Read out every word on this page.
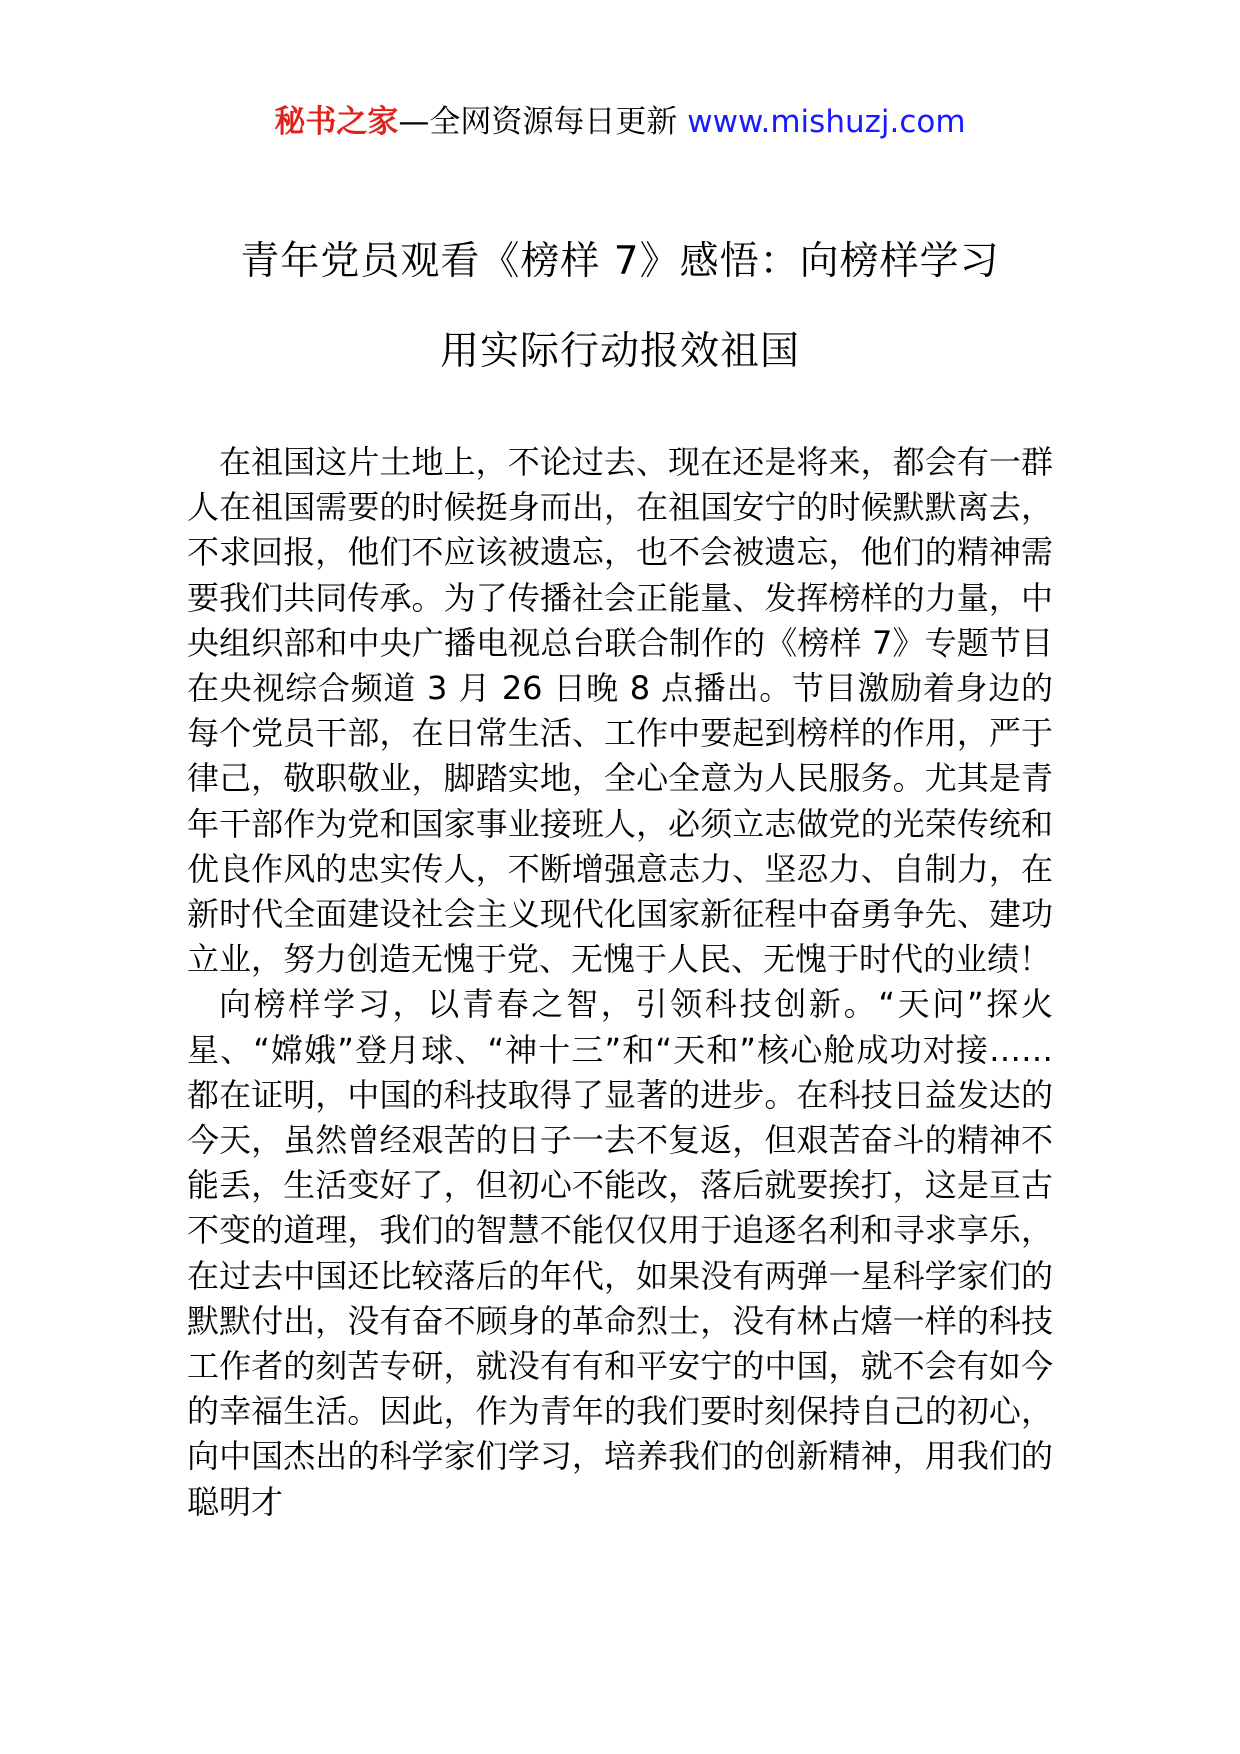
秘书之家—全网资源每日更新 www.mishuzj.com
青年党员观看《榜样 7》感悟：向榜样学习
用实际行动报效祖国

在祖国这片土地上，不论过去、现在还是将来，都会有一群人在祖国需要的时候挺身而出，在祖国安宁的时候默默离去，不求回报，他们不应该被遗忘，也不会被遗忘，他们的精神需要我们共同传承。为了传播社会正能量、发挥榜样的力量，中央组织部和中央广播电视总台联合制作的《榜样 7》专题节目在央视综合频道 3 月 26 日晚 8 点播出。节目激励着身边的每个党员干部，在日常生活、工作中要起到榜样的作用，严于律己，敬职敬业，脚踏实地，全心全意为人民服务。尤其是青年干部作为党和国家事业接班人，必须立志做党的光荣传统和优良作风的忠实传人，不断增强意志力、坚忍力、自制力，在新时代全面建设社会主义现代化国家新征程中奋勇争先、建功立业，努力创造无愧于党、无愧于人民、无愧于时代的业绩！

向榜样学习，以青春之智，引领科技创新。“天问”探火星、“嫦娥”登月球、“神十三”和“天和”核心舱成功对接……都在证明，中国的科技取得了显著的进步。在科技日益发达的今天，虽然曾经艰苦的日子一去不复返，但艰苦奋斗的精神不能丢，生活变好了，但初心不能改，落后就要挨打，这是亘古不变的道理，我们的智慧不能仅仅用于追逐名利和寻求享乐，在过去中国还比较落后的年代，如果没有两弹一星科学家们的默默付出，没有奋不顾身的革命烈士，没有林占熺一样的科技工作者的刻苦专研，就没有有和平安宁的中国，就不会有如今的幸福生活。因此，作为青年的我们要时刻保持自己的初心，向中国杰出的科学家们学习，培养我们的创新精神，用我们的聪明才
